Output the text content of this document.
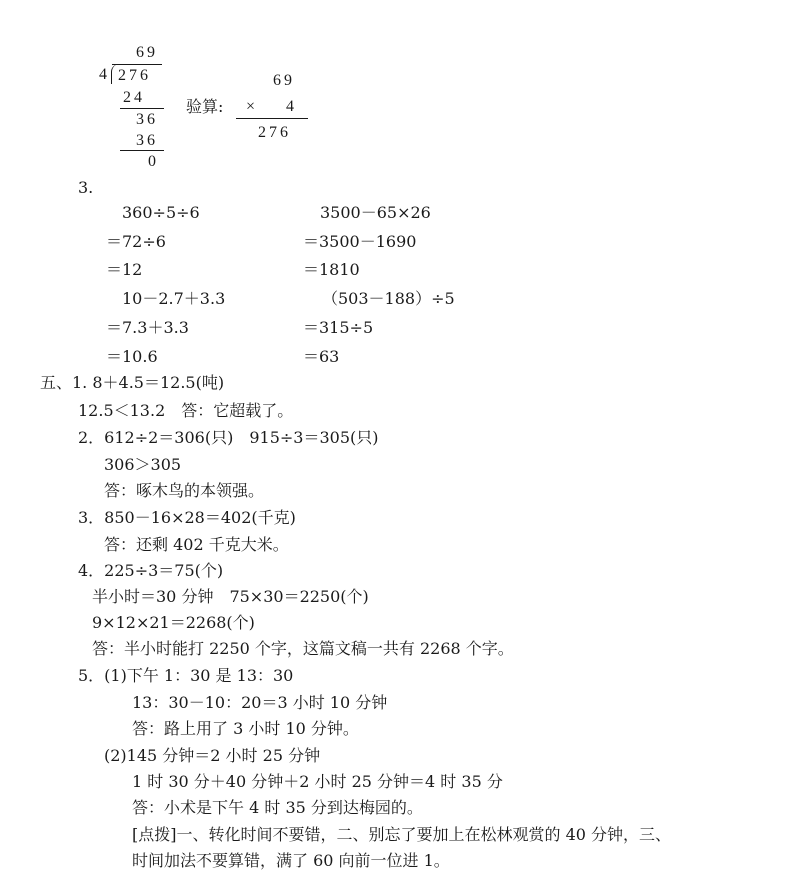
69
4 276
24
36
36
0
验算:
69
× 4
276
3.
360÷5÷6
＝72÷6
＝12
10－2.7＋3.3
＝7.3＋3.3
＝10.6
3500－65×26
＝3500－1690
＝1810
（503－188）÷5
＝315÷5
＝63
五、1. 8＋4.5＝12.5(吨)
12.5＜13.2　答：它超载了。
2．612÷2＝306(只)　915÷3＝305(只)
306＞305
答：啄木鸟的本领强。
3．850－16×28＝402(千克)
答：还剩 402 千克大米。
4．225÷3＝75(个)
半小时＝30 分钟　75×30＝2250(个)
9×12×21＝2268(个)
答：半小时能打 2250 个字，这篇文稿一共有 2268 个字。
5．(1)下午 1：30 是 13：30
13：30－10：20＝3 小时 10 分钟
答：路上用了 3 小时 10 分钟。
(2)145 分钟＝2 小时 25 分钟
1 时 30 分＋40 分钟＋2 小时 25 分钟＝4 时 35 分
答：小术是下午 4 时 35 分到达梅园的。
[点拨]一、转化时间不要错，二、别忘了要加上在松林观赏的 40 分钟，三、
时间加法不要算错，满了 60 向前一位进 1。
